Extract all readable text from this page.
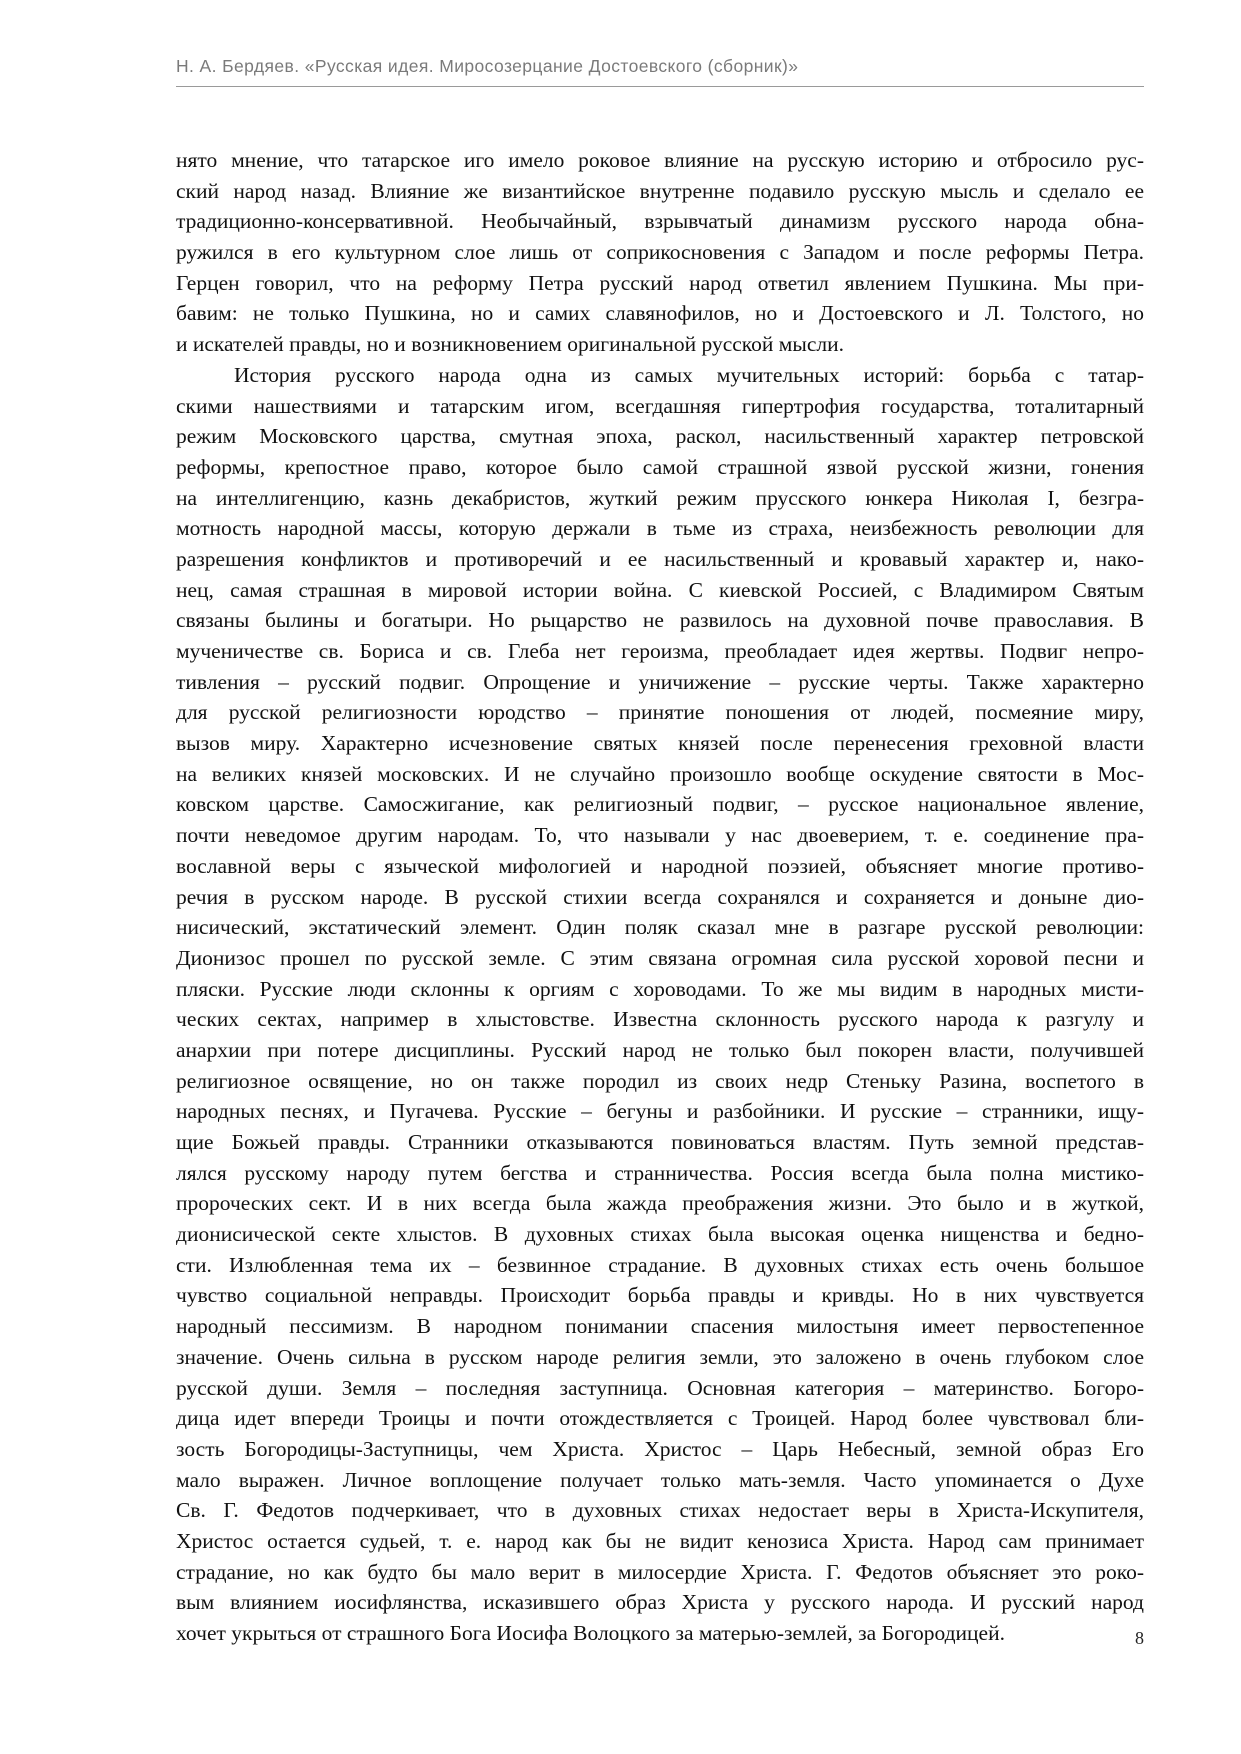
Н. А. Бердяев. «Русская идея. Миросозерцание Достоевского (сборник)»
нято мнение, что татарское иго имело роковое влияние на русскую историю и отбросило рус-
ский народ назад. Влияние же византийское внутренне подавило русскую мысль и сделало ее
традиционно-консервативной. Необычайный, взрывчатый динамизм русского народа обна-
ружился в его культурном слое лишь от соприкосновения с Западом и после реформы Петра.
Герцен говорил, что на реформу Петра русский народ ответил явлением Пушкина. Мы при-
бавим: не только Пушкина, но и самих славянофилов, но и Достоевского и Л. Толстого, но
и искателей правды, но и возникновением оригинальной русской мысли.
История русского народа одна из самых мучительных историй: борьба с татар-
скими нашествиями и татарским игом, всегдашняя гипертрофия государства, тоталитарный
режим Московского царства, смутная эпоха, раскол, насильственный характер петровской
реформы, крепостное право, которое было самой страшной язвой русской жизни, гонения
на интеллигенцию, казнь декабристов, жуткий режим прусского юнкера Николая I, безгра-
мотность народной массы, которую держали в тьме из страха, неизбежность революции для
разрешения конфликтов и противоречий и ее насильственный и кровавый характер и, нако-
нец, самая страшная в мировой истории война. С киевской Россией, с Владимиром Святым
связаны былины и богатыри. Но рыцарство не развилось на духовной почве православия. В
мученичестве св. Бориса и св. Глеба нет героизма, преобладает идея жертвы. Подвиг непро-
тивления – русский подвиг. Опрощение и уничижение – русские черты. Также характерно
для русской религиозности юродство – принятие поношения от людей, посмеяние миру,
вызов миру. Характерно исчезновение святых князей после перенесения греховной власти
на великих князей московских. И не случайно произошло вообще оскудение святости в Мос-
ковском царстве. Самосжигание, как религиозный подвиг, – русское национальное явление,
почти неведомое другим народам. То, что называли у нас двоеверием, т. е. соединение пра-
вославной веры с языческой мифологией и народной поэзией, объясняет многие противо-
речия в русском народе. В русской стихии всегда сохранялся и сохраняется и доныне дио-
нисический, экстатический элемент. Один поляк сказал мне в разгаре русской революции:
Дионизос прошел по русской земле. С этим связана огромная сила русской хоровой песни и
пляски. Русские люди склонны к оргиям с хороводами. То же мы видим в народных мисти-
ческих сектах, например в хлыстовстве. Известна склонность русского народа к разгулу и
анархии при потере дисциплины. Русский народ не только был покорен власти, получившей
религиозное освящение, но он также породил из своих недр Стеньку Разина, воспетого в
народных песнях, и Пугачева. Русские – бегуны и разбойники. И русские – странники, ищу-
щие Божьей правды. Странники отказываются повиноваться властям. Путь земной представ-
лялся русскому народу путем бегства и странничества. Россия всегда была полна мистико-
пророческих сект. И в них всегда была жажда преображения жизни. Это было и в жуткой,
дионисической секте хлыстов. В духовных стихах была высокая оценка нищенства и бедно-
сти. Излюбленная тема их – безвинное страдание. В духовных стихах есть очень большое
чувство социальной неправды. Происходит борьба правды и кривды. Но в них чувствуется
народный пессимизм. В народном понимании спасения милостыня имеет первостепенное
значение. Очень сильна в русском народе религия земли, это заложено в очень глубоком слое
русской души. Земля – последняя заступница. Основная категория – материнство. Богоро-
дица идет впереди Троицы и почти отождествляется с Троицей. Народ более чувствовал бли-
зость Богородицы-Заступницы, чем Христа. Христос – Царь Небесный, земной образ Его
мало выражен. Личное воплощение получает только мать-земля. Часто упоминается о Духе
Св. Г. Федотов подчеркивает, что в духовных стихах недостает веры в Христа-Искупителя,
Христос остается судьей, т. е. народ как бы не видит кенозиса Христа. Народ сам принимает
страдание, но как будто бы мало верит в милосердие Христа. Г. Федотов объясняет это роко-
вым влиянием иосифлянства, исказившего образ Христа у русского народа. И русский народ
хочет укрыться от страшного Бога Иосифа Волоцкого за матерью-землей, за Богородицей.	8
